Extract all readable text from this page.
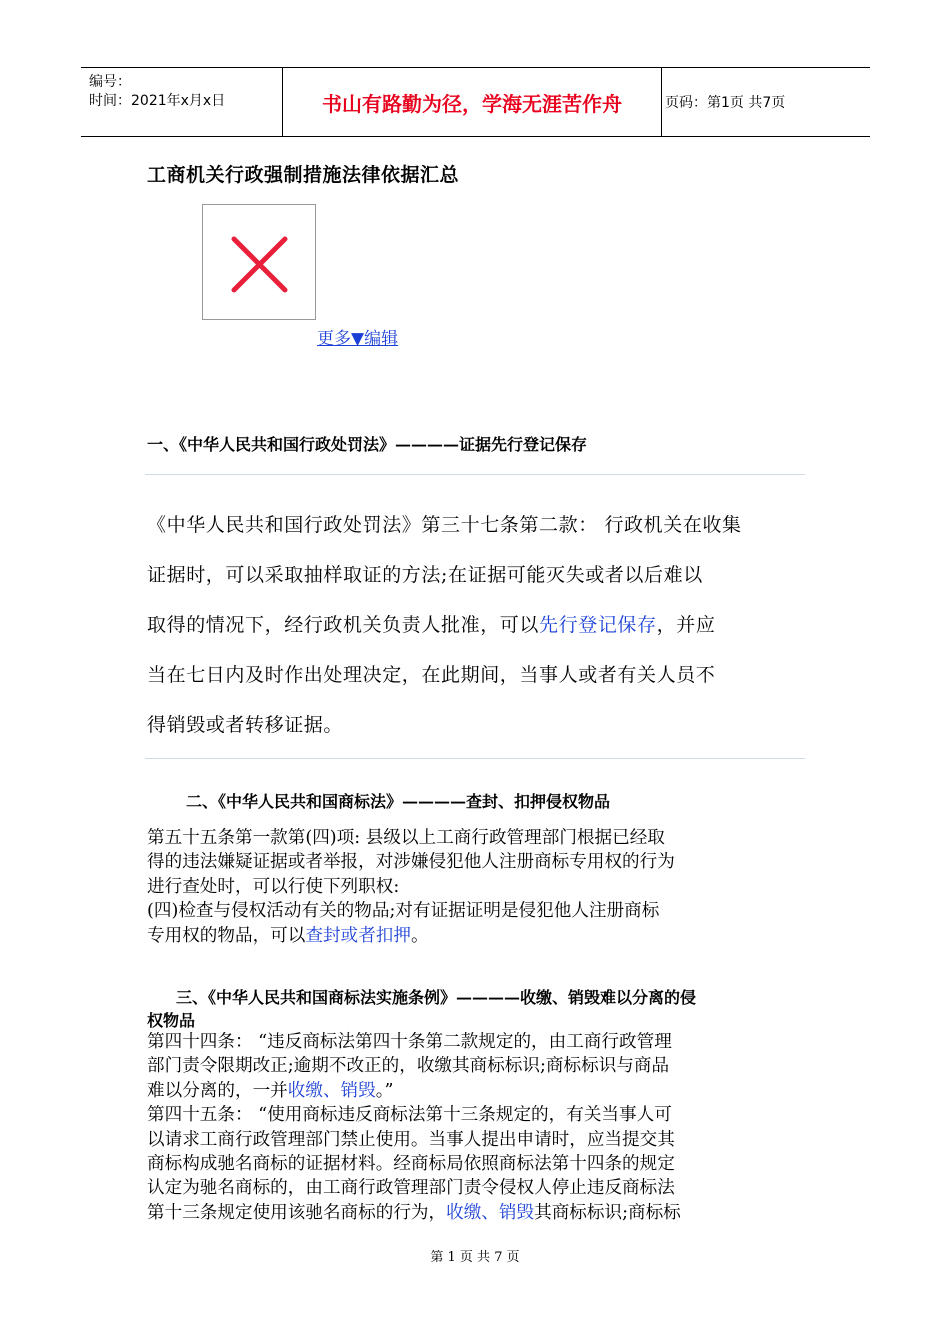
编号：
时间：2021年x月x日	书山有路勤为径，学海无涯苦作舟	页码：第1页 共7页
工商机关行政强制措施法律依据汇总
更多▼编辑
一、《中华人民共和国行政处罚法》————证据先行登记保存

《中华人民共和国行政处罚法》第三十七条第二款： 行政机关在收集

证据时，可以采取抽样取证的方法;在证据可能灭失或者以后难以

取得的情况下，经行政机关负责人批准，可以先行登记保存，并应

当在七日内及时作出处理决定，在此期间，当事人或者有关人员不

得销毁或者转移证据。

二、《中华人民共和国商标法》————查封、扣押侵权物品

第五十五条第一款第(四)项: 县级以上工商行政管理部门根据已经取

得的违法嫌疑证据或者举报，对涉嫌侵犯他人注册商标专用权的行为

进行查处时，可以行使下列职权:

(四)检查与侵权活动有关的物品;对有证据证明是侵犯他人注册商标

专用权的物品，可以查封或者扣押。

三、《中华人民共和国商标法实施条例》————收缴、销毁难以分离的侵
权物品

第四十四条： “违反商标法第四十条第二款规定的，由工商行政管理

部门责令限期改正;逾期不改正的，收缴其商标标识;商标标识与商品

难以分离的，一并收缴、销毁。”

第四十五条： “使用商标违反商标法第十三条规定的，有关当事人可

以请求工商行政管理部门禁止使用。当事人提出申请时，应当提交其

商标构成驰名商标的证据材料。经商标局依照商标法第十四条的规定

认定为驰名商标的，由工商行政管理部门责令侵权人停止违反商标法

第十三条规定使用该驰名商标的行为，收缴、销毁其商标标识;商标标

第 1 页 共 7 页
